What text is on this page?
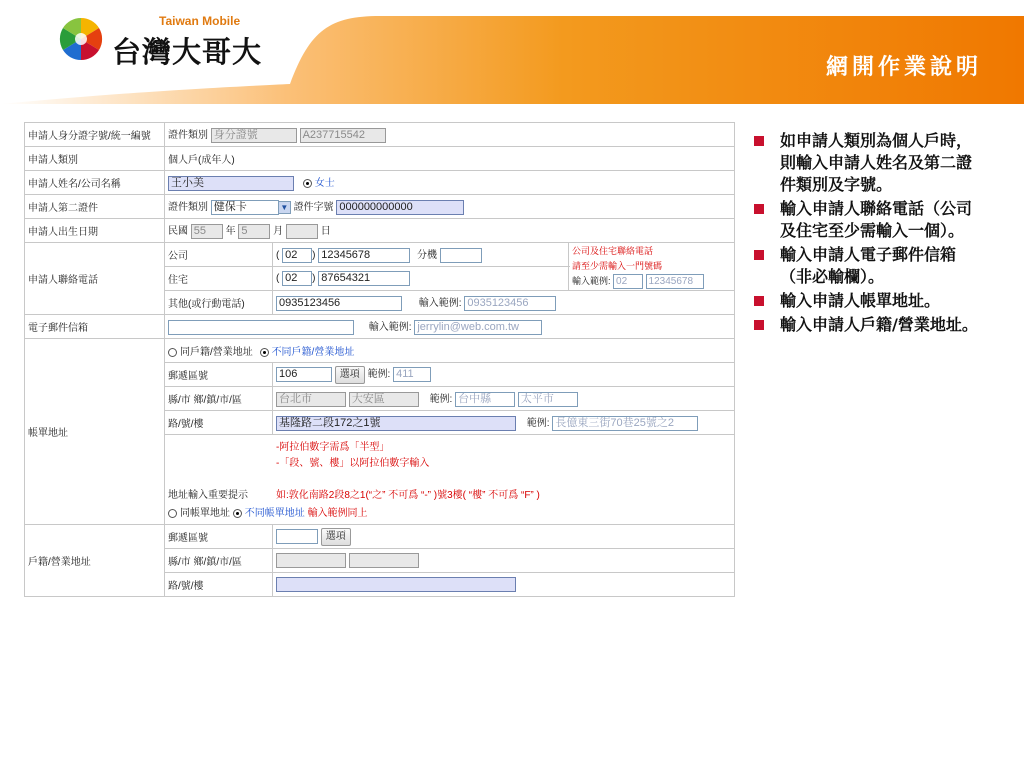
Taiwan Mobile
台灣大哥大	網開作業說明
申請人身分證字號/統一編號	證件類別 身分證號 A237715542		
申請人類別	個人戶(成年人)		
申請人姓名/公司名稱	王小美 女士		
申請人第二證件	證件類別 健保卡 ▼ 證件字號 000000000000		
申請人出生日期	民國 55 年 5 月 日		
申請人聯絡電話	公司	( 02 ) 12345678 分機	公司及住宅聯絡電話
請至少需輸入一門號碼
輸入範例: 02 12345678

	住宅	( 02 ) 87654321	
	其他(或行動電話)	0935123456 輸入範例: 0935123456	
電子郵件信箱	輸入範例: jerrylin@web.com.tw		
帳單地址	同戶籍/營業地址 不同戶籍/營業地址		
	郵遞區號	106 選項 範例: 411	
	縣/市 鄉/鎮/市/區	台北市 大安區 範例: 台中縣 太平市	
	路/號/樓	基隆路二段172之1號 範例: 長億東三街70巷25號之2	

	-阿拉伯數字需爲「半型」
-「段、號、樓」以阿拉伯數字輸入
地址輸入重要提示 如:敦化南路2段8之1(“之” 不可爲 “-” )號3樓( “樓” 不可爲 “F” )
同帳單地址 不同帳單地址 輸入範例同上		

戶籍/營業地址	郵遞區號	選項	
	縣/市 鄉/鎮/市/區		
	路/號/樓		
如申請人類別為個人戶時，則輸入申請人姓名及第二證件類別及字號。
輸入申請人聯絡電話（公司及住宅至少需輸入一個）。
輸入申請人電子郵件信箱（非必輸欄）。
輸入申請人帳單地址。
輸入申請人戶籍/營業地址。
